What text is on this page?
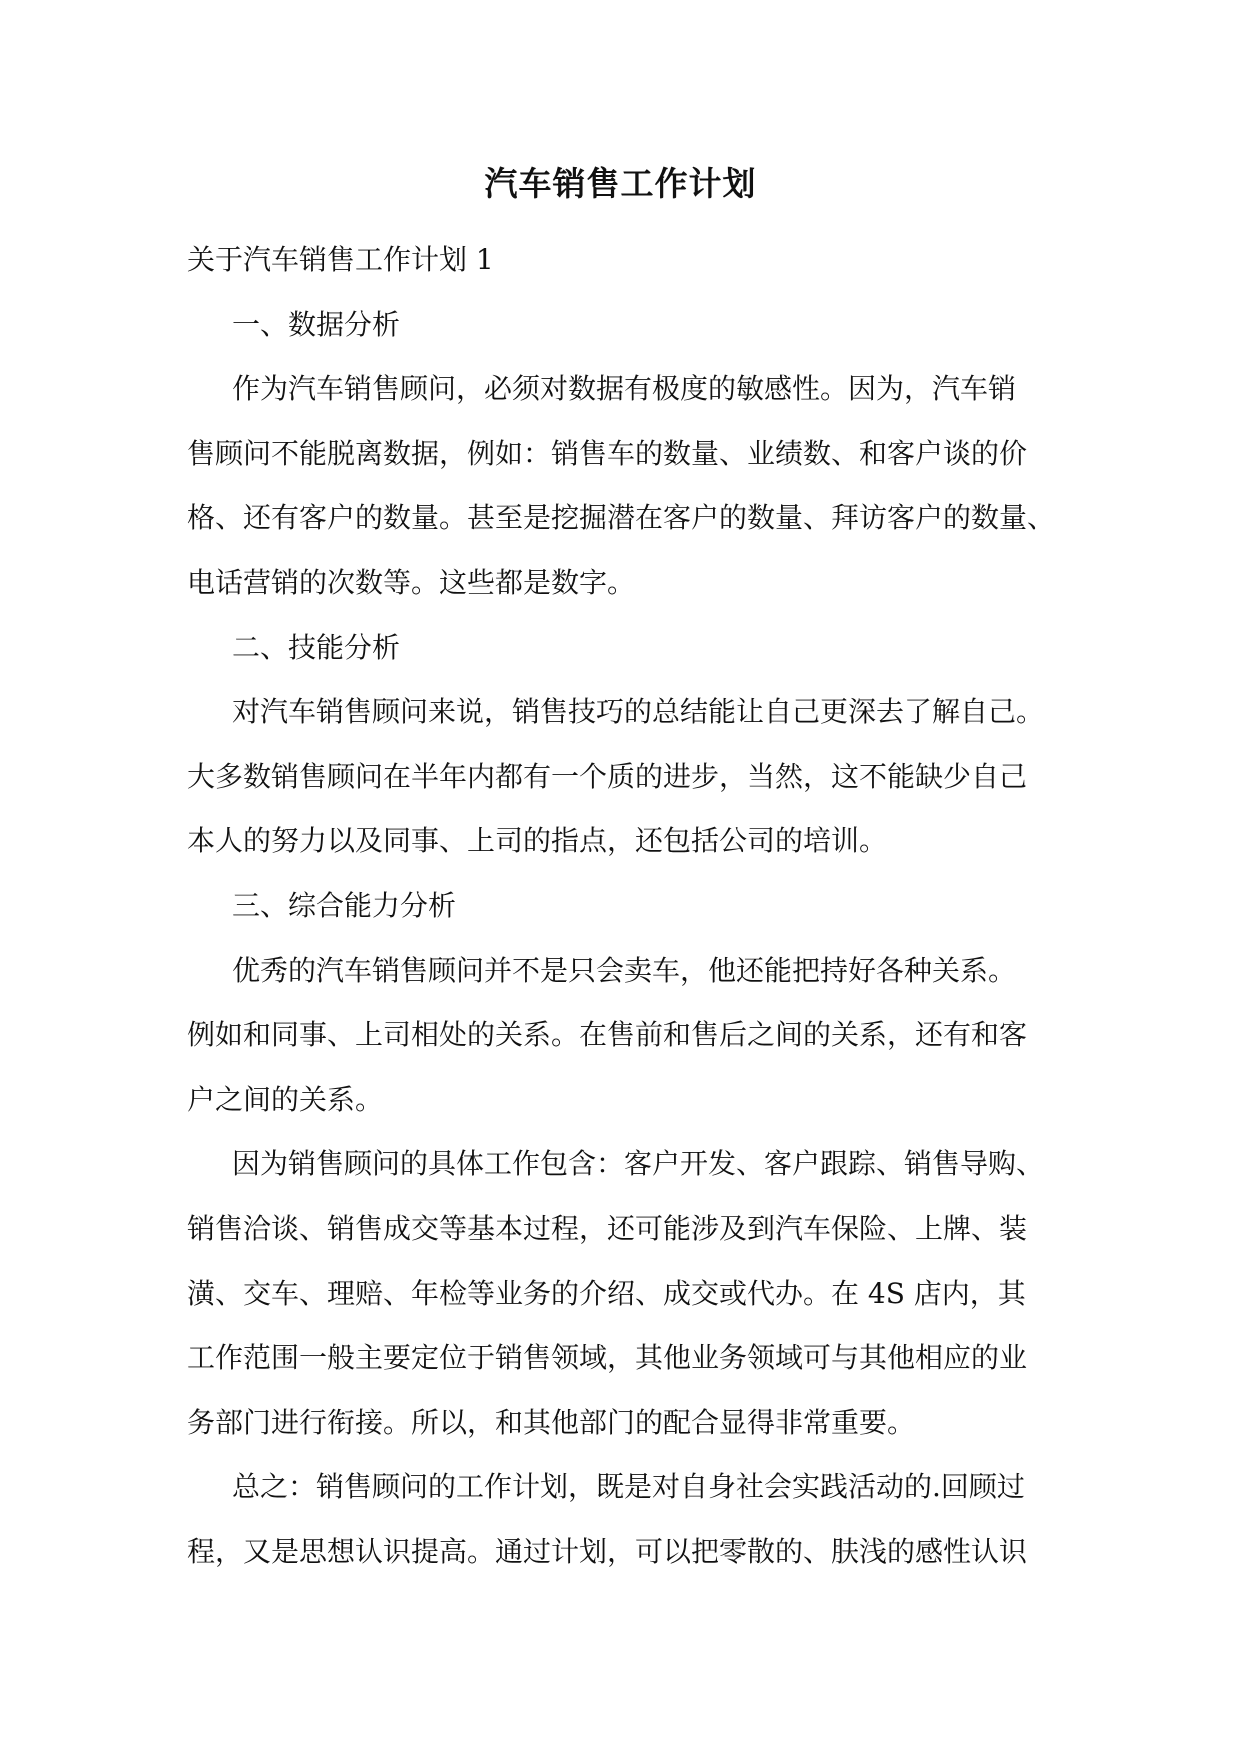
汽车销售工作计划
关于汽车销售工作计划 1
一、数据分析
作为汽车销售顾问，必须对数据有极度的敏感性。因为，汽车销
售顾问不能脱离数据，例如：销售车的数量、业绩数、和客户谈的价
格、还有客户的数量。甚至是挖掘潜在客户的数量、拜访客户的数量、
电话营销的次数等。这些都是数字。
二、技能分析
对汽车销售顾问来说，销售技巧的总结能让自己更深去了解自己。
大多数销售顾问在半年内都有一个质的进步，当然，这不能缺少自己
本人的努力以及同事、上司的指点，还包括公司的培训。
三、综合能力分析
优秀的汽车销售顾问并不是只会卖车，他还能把持好各种关系。
例如和同事、上司相处的关系。在售前和售后之间的关系，还有和客
户之间的关系。
因为销售顾问的具体工作包含：客户开发、客户跟踪、销售导购、
销售洽谈、销售成交等基本过程，还可能涉及到汽车保险、上牌、装
潢、交车、理赔、年检等业务的介绍、成交或代办。在 4S 店内，其
工作范围一般主要定位于销售领域，其他业务领域可与其他相应的业
务部门进行衔接。所以，和其他部门的配合显得非常重要。
总之：销售顾问的工作计划，既是对自身社会实践活动的.回顾过
程，又是思想认识提高。通过计划，可以把零散的、肤浅的感性认识
